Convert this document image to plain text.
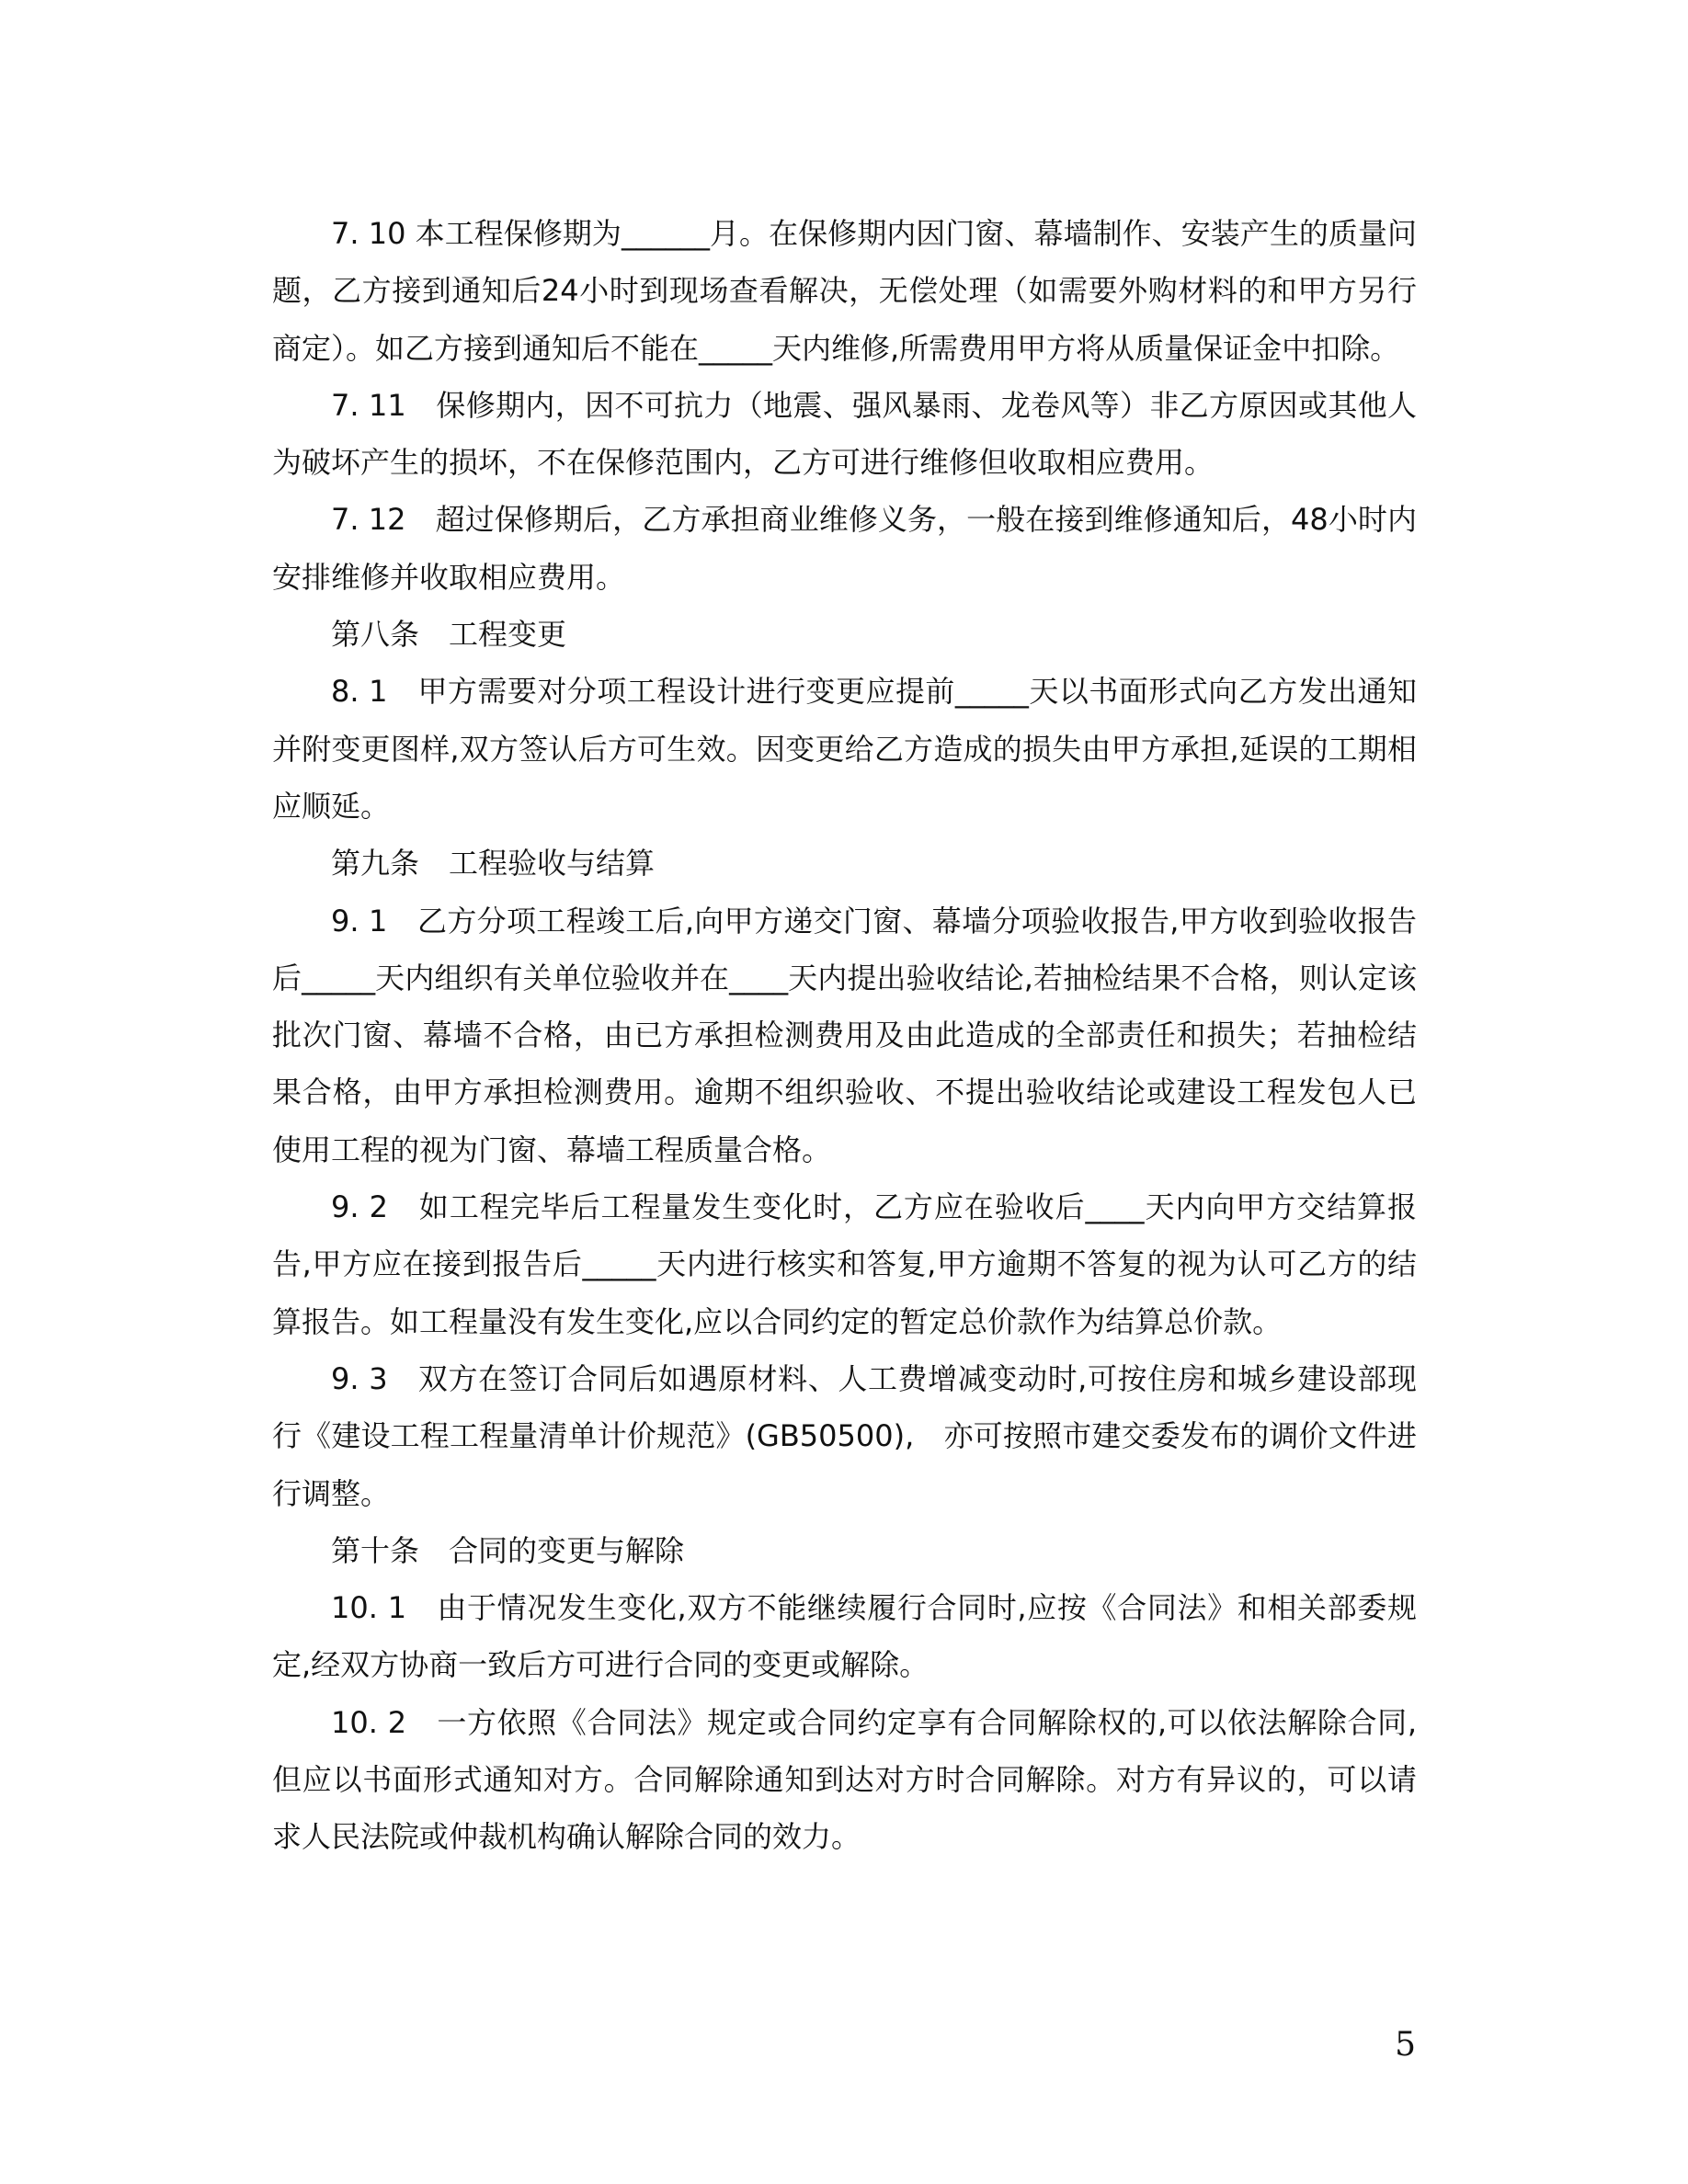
7. 10 本工程保修期为______月。在保修期内因门窗、幕墙制作、安装产生的质量问题，乙方接到通知后24小时到现场查看解决，无偿处理（如需要外购材料的和甲方另行商定）。如乙方接到通知后不能在_____天内维修,所需费用甲方将从质量保证金中扣除。

7. 11　保修期内，因不可抗力（地震、强风暴雨、龙卷风等）非乙方原因或其他人为破坏产生的损坏，不在保修范围内，乙方可进行维修但收取相应费用。

7. 12　超过保修期后，乙方承担商业维修义务，一般在接到维修通知后，48小时内安排维修并收取相应费用。

第八条　工程变更

8. 1　甲方需要对分项工程设计进行变更应提前_____天以书面形式向乙方发出通知并附变更图样,双方签认后方可生效。因变更给乙方造成的损失由甲方承担,延误的工期相应顺延。

第九条　工程验收与结算

9. 1　乙方分项工程竣工后,向甲方递交门窗、幕墙分项验收报告,甲方收到验收报告后_____天内组织有关单位验收并在____天内提出验收结论,若抽检结果不合格，则认定该批次门窗、幕墙不合格，由已方承担检测费用及由此造成的全部责任和损失；若抽检结果合格，由甲方承担检测费用。逾期不组织验收、不提出验收结论或建设工程发包人已使用工程的视为门窗、幕墙工程质量合格。

9. 2　如工程完毕后工程量发生变化时，乙方应在验收后____天内向甲方交结算报告,甲方应在接到报告后_____天内进行核实和答复,甲方逾期不答复的视为认可乙方的结算报告。如工程量没有发生变化,应以合同约定的暂定总价款作为结算总价款。

9. 3　双方在签订合同后如遇原材料、人工费增减变动时,可按住房和城乡建设部现行《建设工程工程量清单计价规范》(GB50500),　亦可按照市建交委发布的调价文件进行调整。

第十条　合同的变更与解除

10. 1　由于情况发生变化,双方不能继续履行合同时,应按《合同法》和相关部委规定,经双方协商一致后方可进行合同的变更或解除。

10. 2　一方依照《合同法》规定或合同约定享有合同解除权的,可以依法解除合同,但应以书面形式通知对方。合同解除通知到达对方时合同解除。对方有异议的，可以请求人民法院或仲裁机构确认解除合同的效力。

5
